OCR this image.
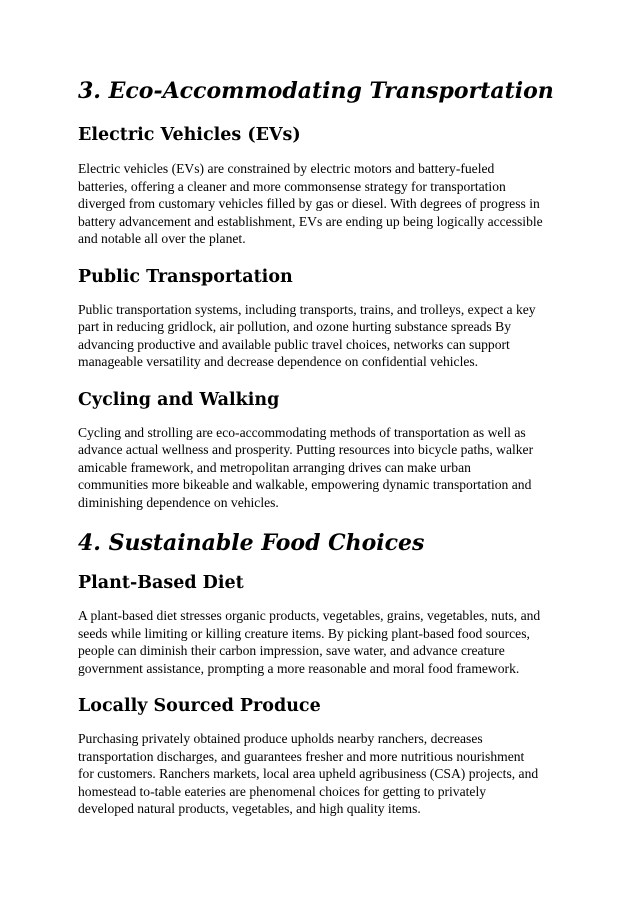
3. Eco-Accommodating Transportation
Electric Vehicles (EVs)

Electric vehicles (EVs) are constrained by electric motors and battery-fueled
batteries, offering a cleaner and more commonsense strategy for transportation
diverged from customary vehicles filled by gas or diesel. With degrees of progress in
battery advancement and establishment, EVs are ending up being logically accessible
and notable all over the planet.

Public Transportation

Public transportation systems, including transports, trains, and trolleys, expect a key
part in reducing gridlock, air pollution, and ozone hurting substance spreads By
advancing productive and available public travel choices, networks can support
manageable versatility and decrease dependence on confidential vehicles.

Cycling and Walking

Cycling and strolling are eco-accommodating methods of transportation as well as
advance actual wellness and prosperity. Putting resources into bicycle paths, walker
amicable framework, and metropolitan arranging drives can make urban
communities more bikeable and walkable, empowering dynamic transportation and
diminishing dependence on vehicles.

4. Sustainable Food Choices
Plant-Based Diet

A plant-based diet stresses organic products, vegetables, grains, vegetables, nuts, and
seeds while limiting or killing creature items. By picking plant-based food sources,
people can diminish their carbon impression, save water, and advance creature
government assistance, prompting a more reasonable and moral food framework.

Locally Sourced Produce

Purchasing privately obtained produce upholds nearby ranchers, decreases
transportation discharges, and guarantees fresher and more nutritious nourishment
for customers. Ranchers markets, local area upheld agribusiness (CSA) projects, and
homestead to-table eateries are phenomenal choices for getting to privately
developed natural products, vegetables, and high quality items.
